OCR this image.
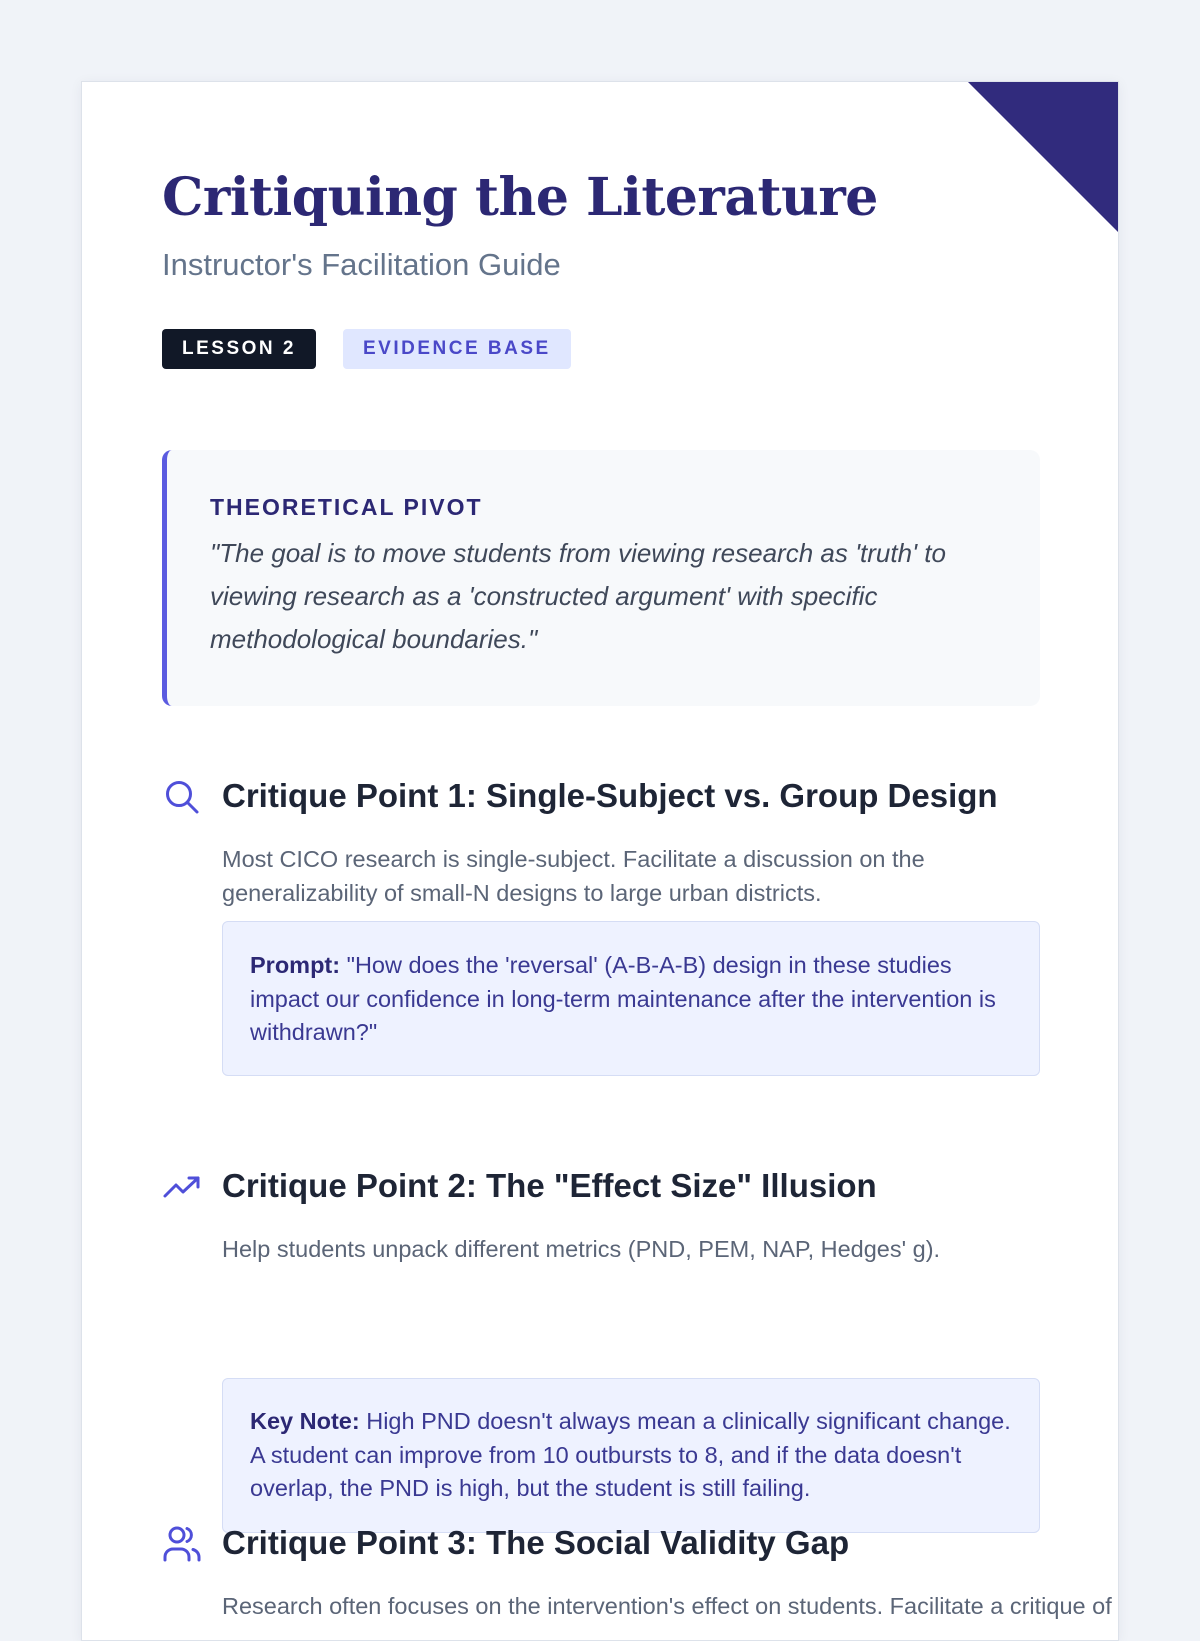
Critiquing the Literature
Instructor's Facilitation Guide
LESSON 2	EVIDENCE BASE
THEORETICAL PIVOT
"The goal is to move students from viewing research as 'truth' to viewing research as a 'constructed argument' with specific methodological boundaries."
Critique Point 1: Single-Subject vs. Group Design

Most CICO research is single-subject. Facilitate a discussion on the generalizability of small-N designs to large urban districts.

Prompt: "How does the 'reversal' (A-B-A-B) design in these studies impact our confidence in long-term maintenance after the intervention is withdrawn?"
Critique Point 2: The "Effect Size" Illusion

Help students unpack different metrics (PND, PEM, NAP, Hedges' g).

Key Note: High PND doesn't always mean a clinically significant change. A student can improve from 10 outbursts to 8, and if the data doesn't overlap, the PND is high, but the student is still failing.
Critique Point 3: The Social Validity Gap

Research often focuses on the intervention's effect on students. Facilitate a critique of
